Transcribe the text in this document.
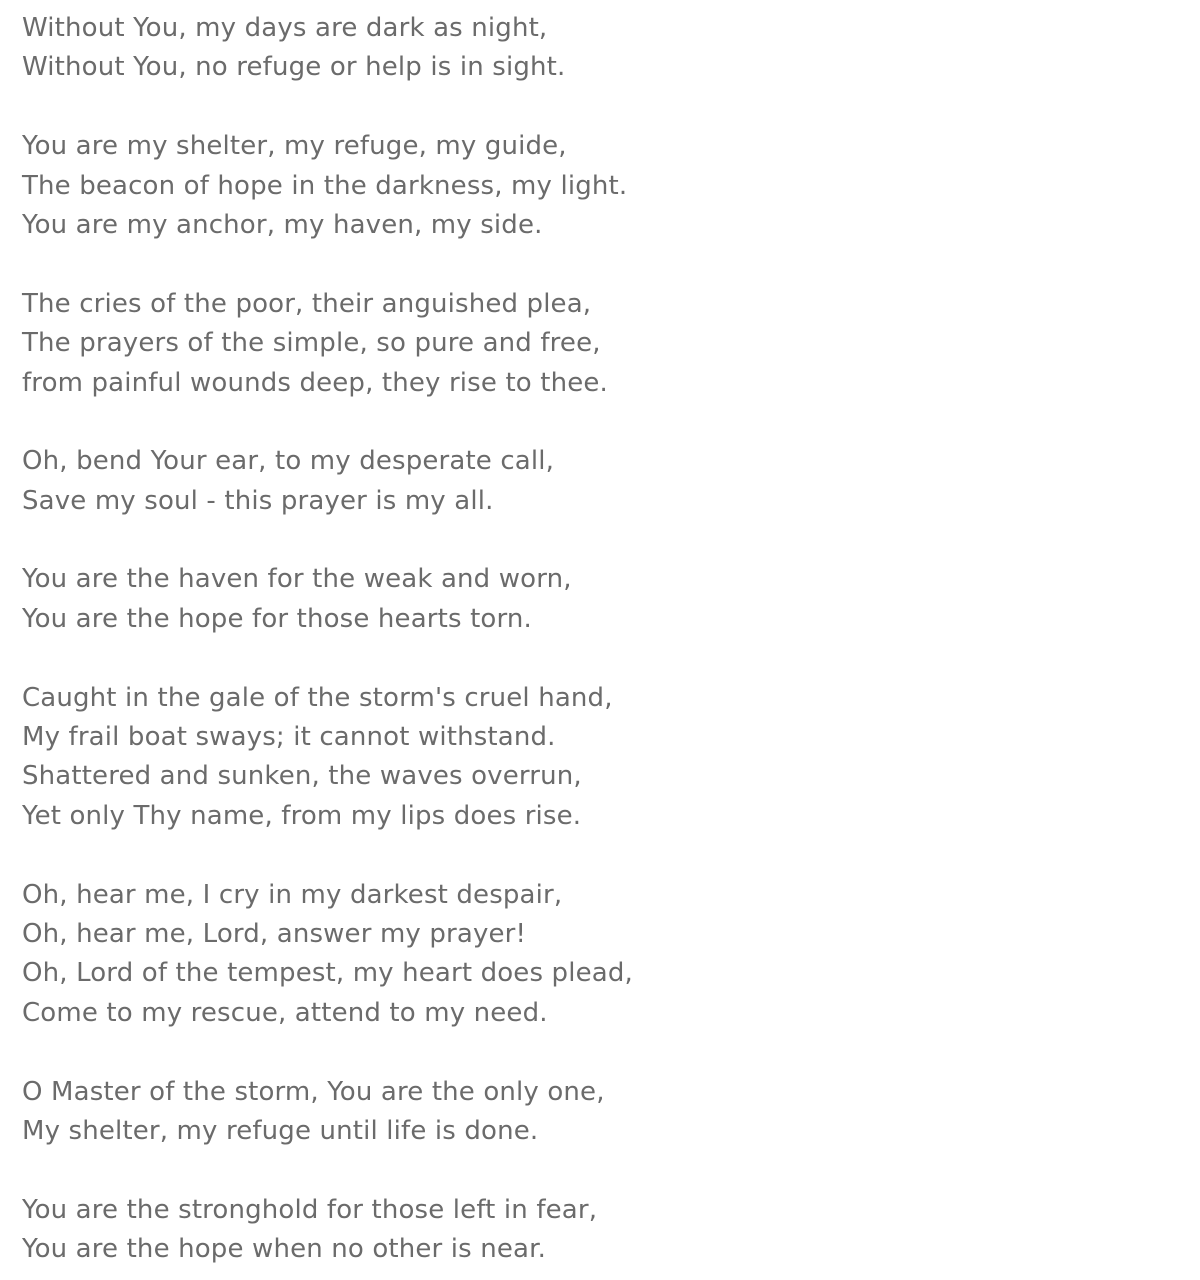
Without You, my days are dark as night,
Without You, no refuge or help is in sight.
You are my shelter, my refuge, my guide,
The beacon of hope in the darkness, my light.
You are my anchor, my haven, my side.
The cries of the poor, their anguished plea,
The prayers of the simple, so pure and free,
from painful wounds deep, they rise to thee.
Oh, bend Your ear, to my desperate call,
Save my soul - this prayer is my all.
You are the haven for the weak and worn,
You are the hope for those hearts torn.
Caught in the gale of the storm's cruel hand,
My frail boat sways; it cannot withstand.
Shattered and sunken, the waves overrun,
Yet only Thy name, from my lips does rise.
Oh, hear me, I cry in my darkest despair,
Oh, hear me, Lord, answer my prayer!
Oh, Lord of the tempest, my heart does plead,
Come to my rescue, attend to my need.
O Master of the storm, You are the only one,
My shelter, my refuge until life is done.
You are the stronghold for those left in fear,
You are the hope when no other is near.
